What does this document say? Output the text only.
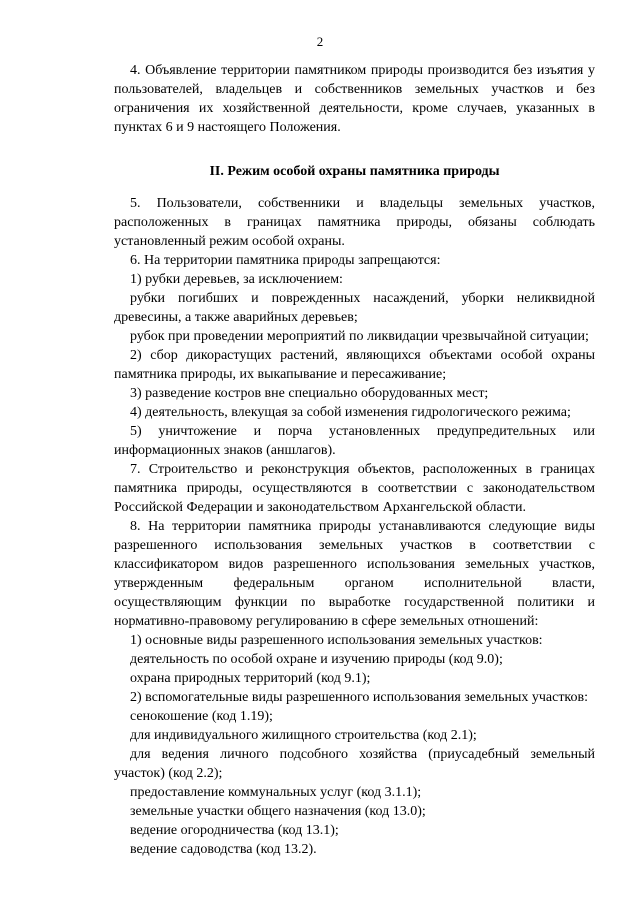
2

4. Объявление территории памятником природы производится без изъятия у пользователей, владельцев и собственников земельных участков и без ограничения их хозяйственной деятельности, кроме случаев, указанных в пунктах 6 и 9 настоящего Положения.

II. Режим особой охраны памятника природы

5. Пользователи, собственники и владельцы земельных участков, расположенных в границах памятника природы, обязаны соблюдать установленный режим особой охраны.

6. На территории памятника природы запрещаются:

1) рубки деревьев, за исключением:

рубки погибших и поврежденных насаждений, уборки неликвидной древесины, а также аварийных деревьев;

рубок при проведении мероприятий по ликвидации чрезвычайной ситуации;

2) сбор дикорастущих растений, являющихся объектами особой охраны памятника природы, их выкапывание и пересаживание;

3) разведение костров вне специально оборудованных мест;

4) деятельность, влекущая за собой изменения гидрологического режима;

5) уничтожение и порча установленных предупредительных или информационных знаков (аншлагов).

7. Строительство и реконструкция объектов, расположенных в границах памятника природы, осуществляются в соответствии с законодательством Российской Федерации и законодательством Архангельской области.

8. На территории памятника природы устанавливаются следующие виды разрешенного использования земельных участков в соответствии с классификатором видов разрешенного использования земельных участков, утвержденным федеральным органом исполнительной власти, осуществляющим функции по выработке государственной политики и нормативно-правовому регулированию в сфере земельных отношений:

1) основные виды разрешенного использования земельных участков:

деятельность по особой охране и изучению природы (код 9.0);

охрана природных территорий (код 9.1);

2) вспомогательные виды разрешенного использования земельных участков:

сенокошение (код 1.19);

для индивидуального жилищного строительства (код 2.1);

для ведения личного подсобного хозяйства (приусадебный земельный участок) (код 2.2);

предоставление коммунальных услуг (код 3.1.1);

земельные участки общего назначения (код 13.0);

ведение огородничества (код 13.1);

ведение садоводства (код 13.2).
